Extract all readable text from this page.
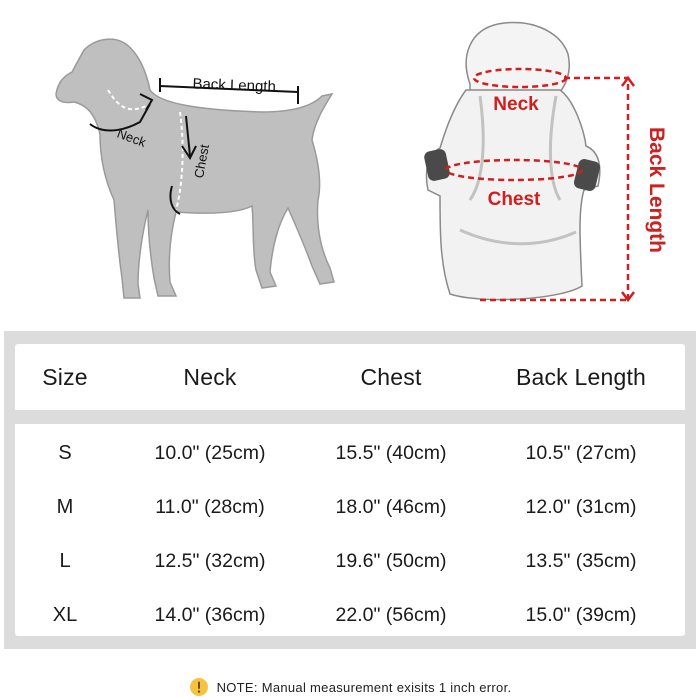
Back Length
Neck
Chest
Neck
Chest	Back Length
Size	Neck	Chest	Back Length
S	10.0" (25cm)	15.5" (40cm)	10.5" (27cm)
M	11.0" (28cm)	18.0" (46cm)	12.0" (31cm)
L	12.5" (32cm)	19.6" (50cm)	13.5" (35cm)
XL	14.0" (36cm)	22.0" (56cm)	15.0" (39cm)
NOTE: Manual measurement exisits 1 inch error.
